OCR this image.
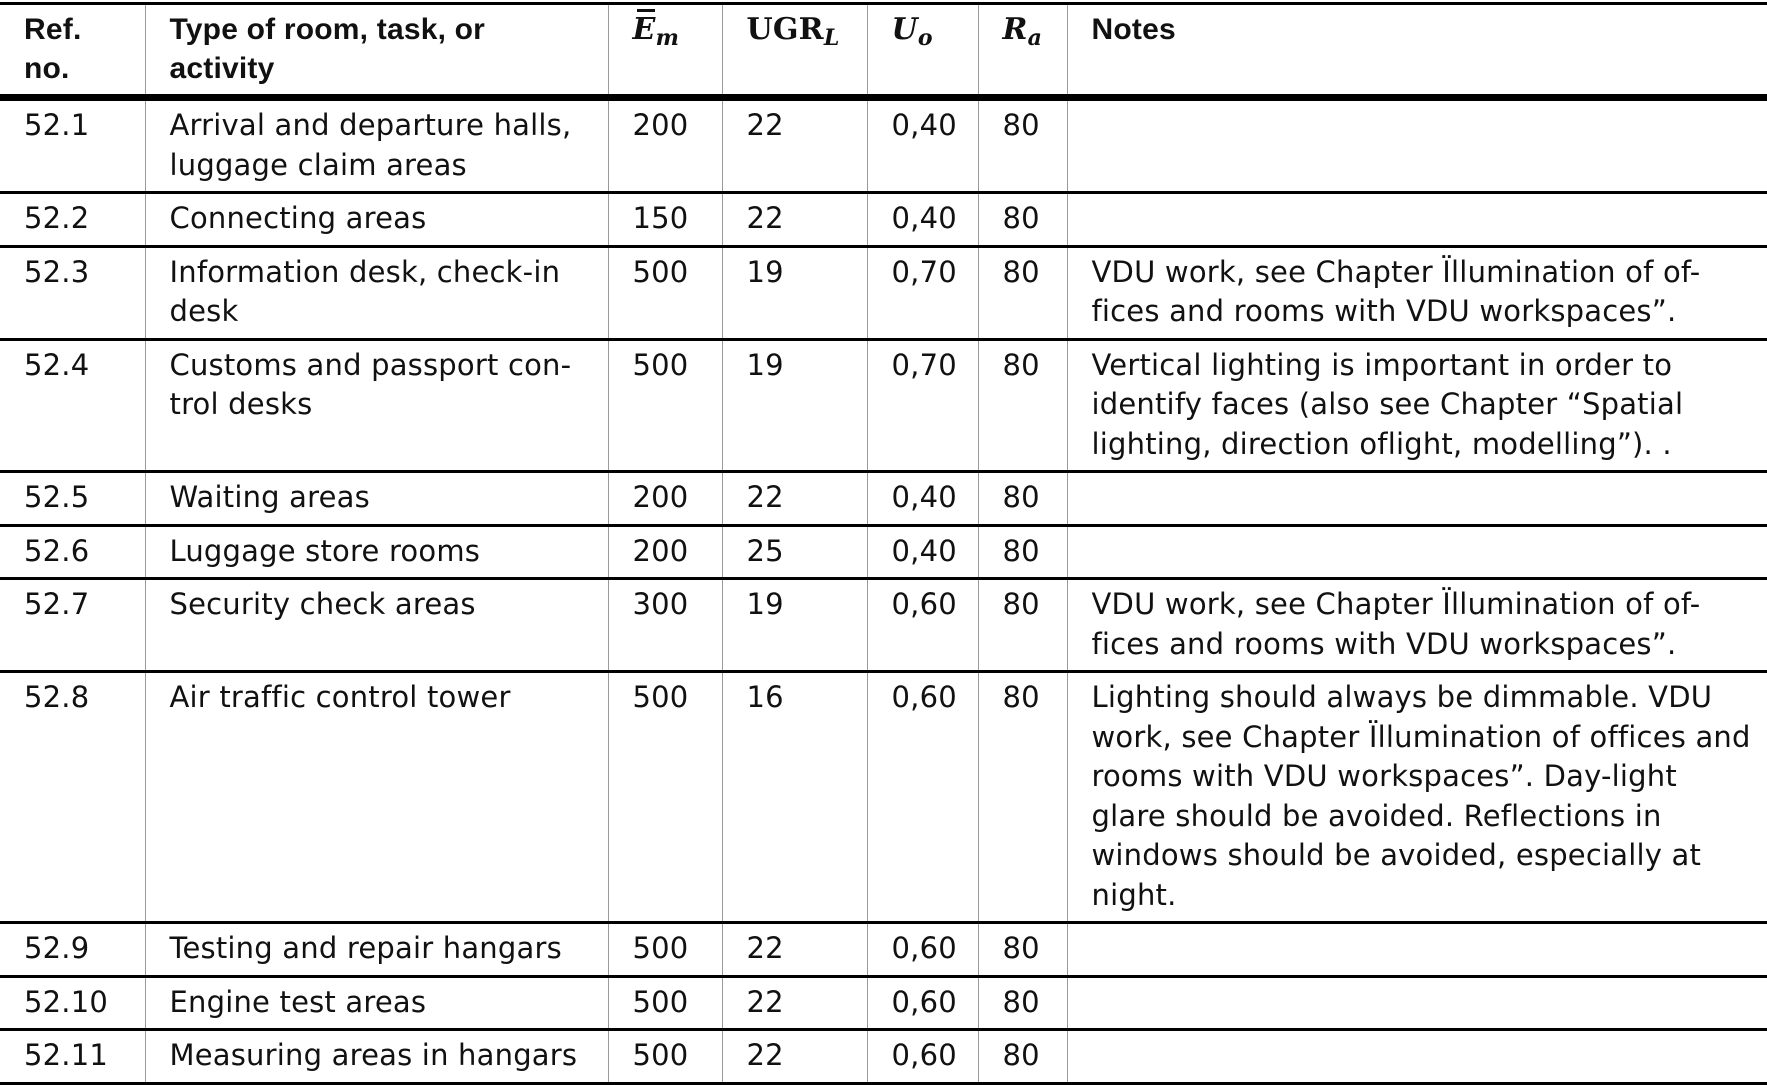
Ref. no.	Type of room, task, or activity	$E_m$	$UGR_L$	$U_o$	$R_a$	Notes
52.1	Arrival and departure halls, luggage claim areas	200	22	0,40	80	
52.2	Connecting areas	150	22	0,40	80	
52.3	Information desk, check-in desk	500	19	0,70	80	VDU work, see Chapter Ïllumination of of-fices and rooms with VDU workspaces”.
52.4	Customs and passport con-trol desks	500	19	0,70	80	Vertical lighting is important in order to identify faces (also see Chapter “Spatial lighting, direction oflight, modelling”). .
52.5	Waiting areas	200	22	0,40	80	
52.6	Luggage store rooms	200	25	0,40	80	
52.7	Security check areas	300	19	0,60	80	VDU work, see Chapter Ïllumination of of-fices and rooms with VDU workspaces”.
52.8	Air traffic control tower	500	16	0,60	80	Lighting should always be dimmable. VDU work, see Chapter Ïllumination of offices and rooms with VDU workspaces”. Day-light glare should be avoided. Reflections in windows should be avoided, especially at night.
52.9	Testing and repair hangars	500	22	0,60	80	
52.10	Engine test areas	500	22	0,60	80	
52.11	Measuring areas in hangars	500	22	0,60	80	
